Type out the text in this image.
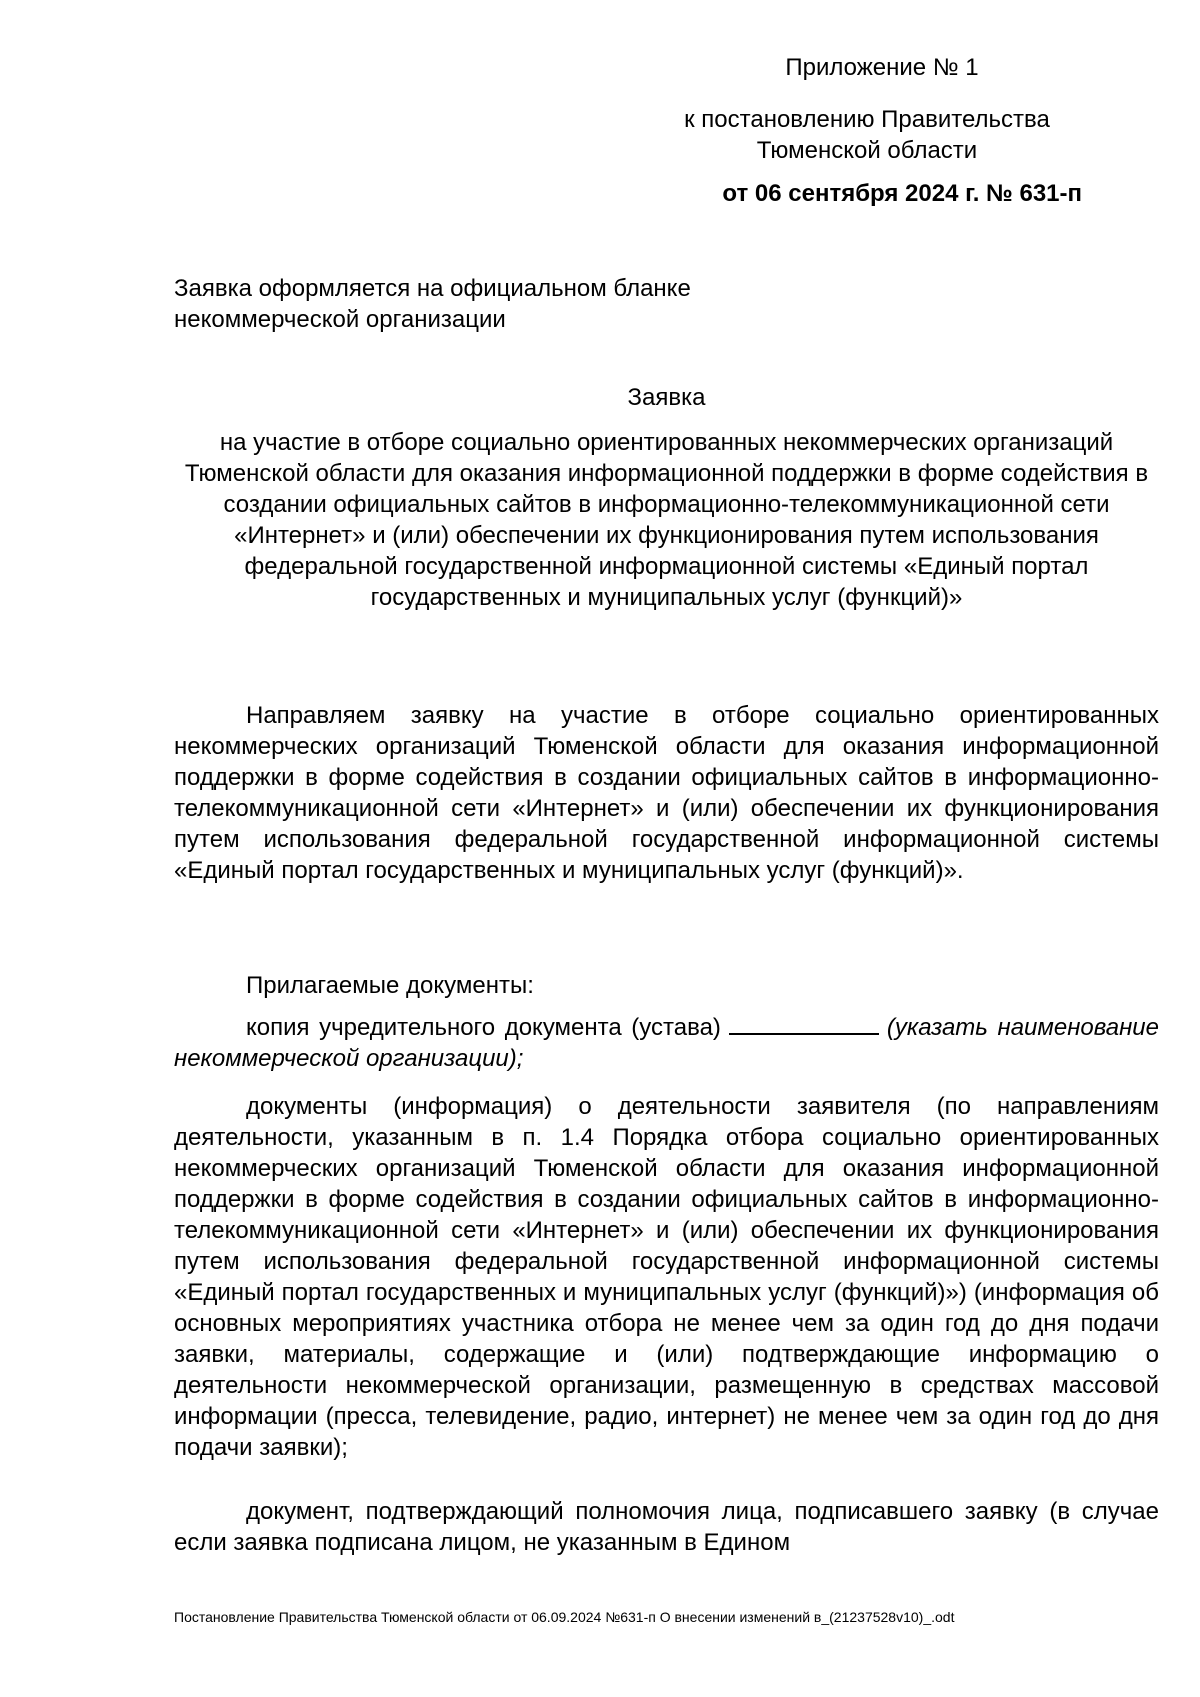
Приложение № 1
к постановлению Правительства
Тюменской области
от 06 сентября 2024 г. № 631-п
Заявка оформляется на официальном бланке
некоммерческой организации
Заявка
на участие в отборе социально ориентированных некоммерческих организаций Тюменской области для оказания информационной поддержки в форме содействия в создании официальных сайтов в информационно-телекоммуникационной сети «Интернет» и (или) обеспечении их функционирования путем использования федеральной государственной информационной системы «Единый портал государственных и муниципальных услуг (функций)»
Направляем заявку на участие в отборе социально ориентированных некоммерческих организаций Тюменской области для оказания информационной поддержки в форме содействия в создании официальных сайтов в информационно-телекоммуникационной сети «Интернет» и (или) обеспечении их функционирования путем использования федеральной государственной информационной системы «Единый портал государственных и муниципальных услуг (функций)».
Прилагаемые документы:
копия учредительного документа (устава)	(указать наименование некоммерческой организации);
документы (информация) о деятельности заявителя (по направлениям деятельности, указанным в п. 1.4 Порядка отбора социально ориентированных некоммерческих организаций Тюменской области для оказания информационной поддержки в форме содействия в создании официальных сайтов в информационно-телекоммуникационной сети «Интернет» и (или) обеспечении их функционирования путем использования федеральной государственной информационной системы «Единый портал государственных и муниципальных услуг (функций)») (информация об основных мероприятиях участника отбора не менее чем за один год до дня подачи заявки, материалы, содержащие и (или) подтверждающие информацию о деятельности некоммерческой организации, размещенную в средствах массовой информации (пресса, телевидение, радио, интернет) не менее чем за один год до дня подачи заявки);
документ, подтверждающий полномочия лица, подписавшего заявку (в случае если заявка подписана лицом, не указанным в Едином
Постановление Правительства Тюменской области от 06.09.2024 №631-п О внесении изменений в_(21237528v10)_.odt
